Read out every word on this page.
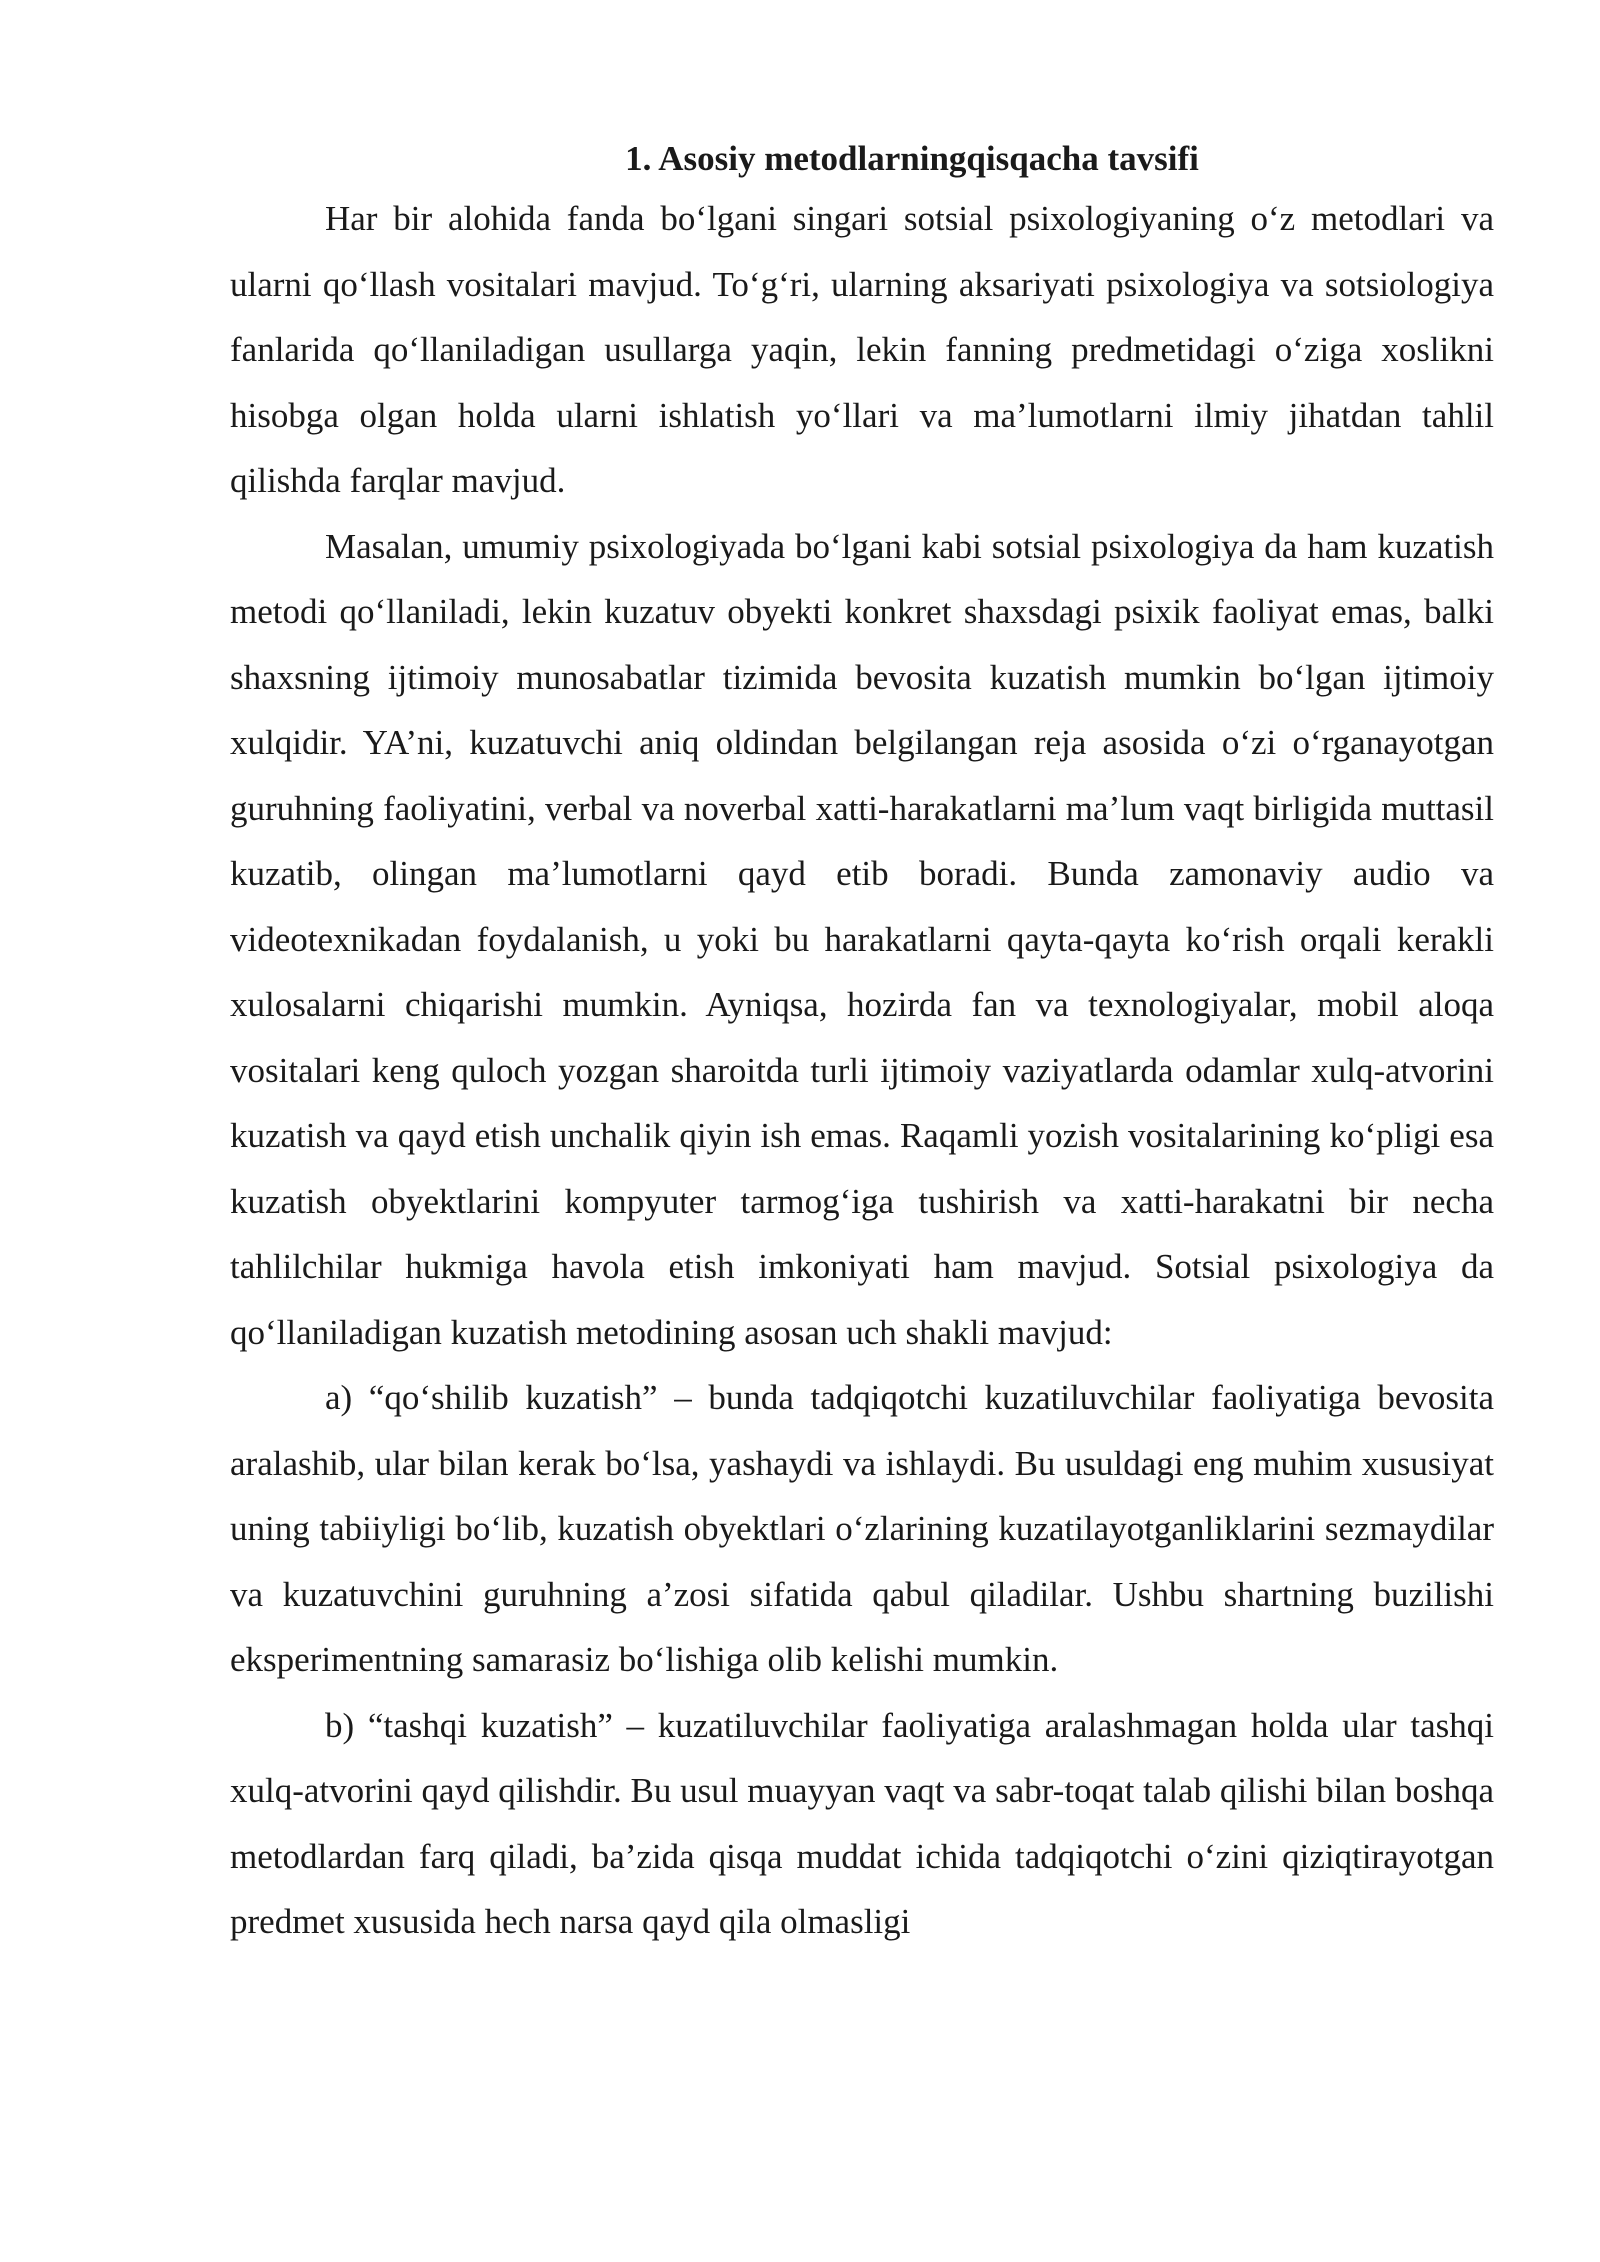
1. Asosiy metodlarningqisqacha tavsifi

Har bir alohida fanda bo‘lgani singari sotsial psixologiyaning o‘z metodlari va ularni qo‘llash vositalari mavjud. To‘g‘ri, ularning aksariyati psixologiya va sotsiologiya fanlarida qo‘llaniladigan usullarga yaqin, lekin fanning predmetidagi o‘ziga xoslikni hisobga olgan holda ularni ishlatish yo‘llari va ma’lumotlarni ilmiy jihatdan tahlil qilishda farqlar mavjud.

Masalan, umumiy psixologiyada bo‘lgani kabi sotsial psixologiya da ham kuzatish metodi qo‘llaniladi, lekin kuzatuv obyekti konkret shaxsdagi psixik faoliyat emas, balki shaxsning ijtimoiy munosabatlar tizimida bevosita kuzatish mumkin bo‘lgan ijtimoiy xulqidir. YA’ni, kuzatuvchi aniq oldindan belgilangan reja asosida o‘zi o‘rganayotgan guruhning faoliyatini, verbal va noverbal xatti-harakatlarni ma’lum vaqt birligida muttasil kuzatib, olingan ma’lumotlarni qayd etib boradi. Bunda zamonaviy audio va videotexnikadan foydalanish, u yoki bu harakatlarni qayta-qayta ko‘rish orqali kerakli xulosalarni chiqarishi mumkin. Ayniqsa, hozirda fan va texnologiyalar, mobil aloqa vositalari keng quloch yozgan sharoitda turli ijtimoiy vaziyatlarda odamlar xulq-atvorini kuzatish va qayd etish unchalik qiyin ish emas. Raqamli yozish vositalarining ko‘pligi esa kuzatish obyektlarini kompyuter tarmog‘iga tushirish va xatti-harakatni bir necha tahlilchilar hukmiga havola etish imkoniyati ham mavjud. Sotsial psixologiya da qo‘llaniladigan kuzatish metodining asosan uch shakli mavjud:

a) “qo‘shilib kuzatish” – bunda tadqiqotchi kuzatiluvchilar faoliyatiga bevosita aralashib, ular bilan kerak bo‘lsa, yashaydi va ishlaydi. Bu usuldagi eng muhim xususiyat uning tabiiyligi bo‘lib, kuzatish obyektlari o‘zlarining kuzatilayotganliklarini sezmaydilar va kuzatuvchini guruhning a’zosi sifatida qabul qiladilar. Ushbu shartning buzilishi eksperimentning samarasiz bo‘lishiga olib kelishi mumkin.

b) “tashqi kuzatish” – kuzatiluvchilar faoliyatiga aralashmagan holda ular tashqi xulq-atvorini qayd qilishdir. Bu usul muayyan vaqt va sabr-toqat talab qilishi bilan boshqa metodlardan farq qiladi, ba’zida qisqa muddat ichida tadqiqotchi o‘zini qiziqtirayotgan predmet xususida hech narsa qayd qila olmasligi
